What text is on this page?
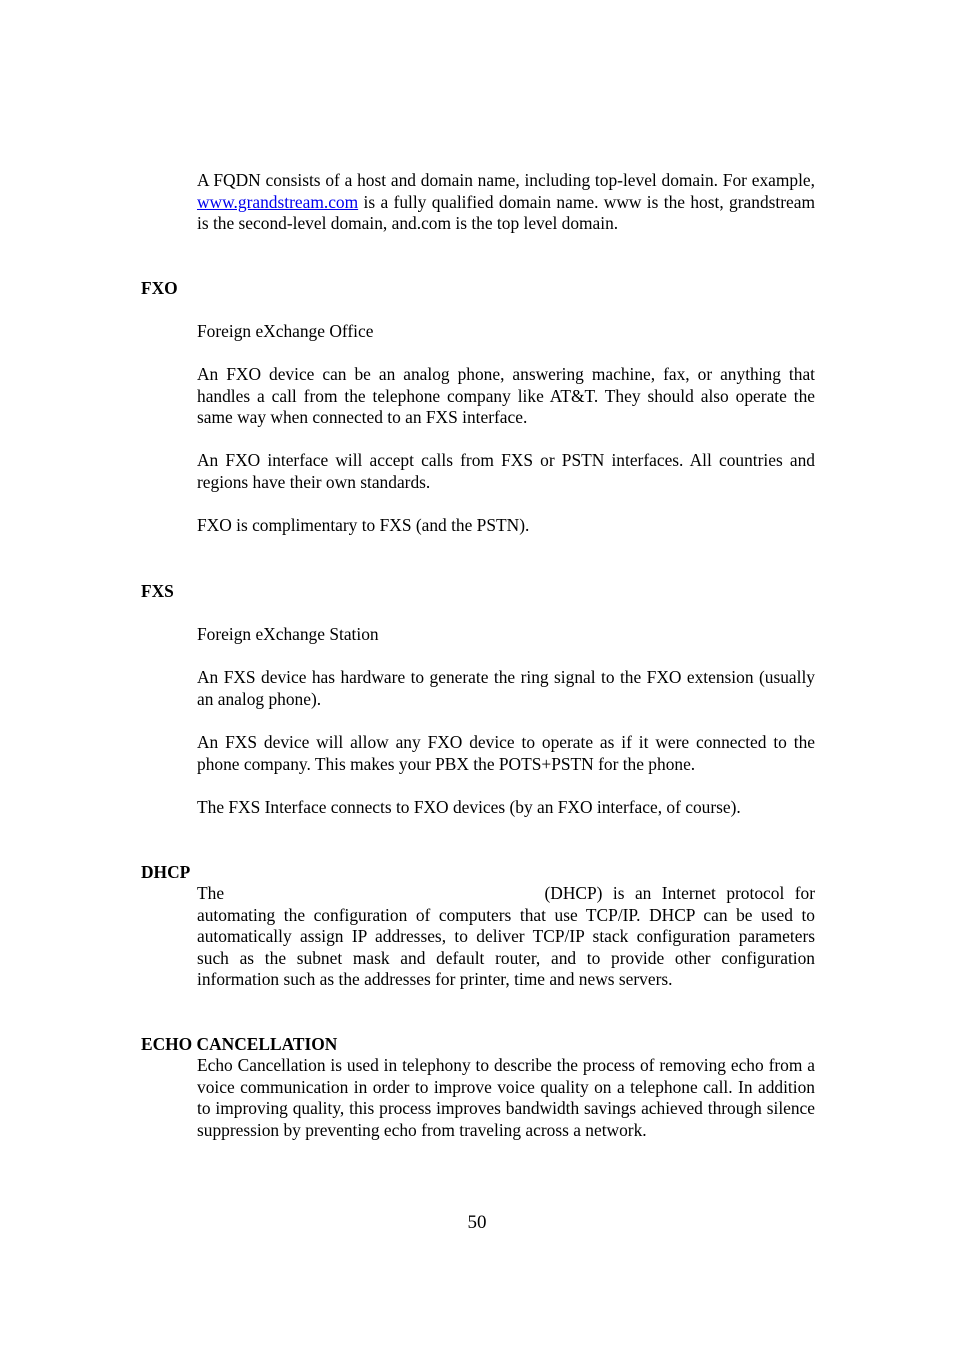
A FQDN consists of a host and domain name, including top-level domain. For example, www.grandstream.com is a fully qualified domain name. www is the host, grandstream is the second-level domain, and.com is the top level domain.

FXO

Foreign eXchange Office

An FXO device can be an analog phone, answering machine, fax, or anything that handles a call from the telephone company like AT&T. They should also operate the same way when connected to an FXS interface.

An FXO interface will accept calls from FXS or PSTN interfaces. All countries and regions have their own standards.

FXO is complimentary to FXS (and the PSTN).

FXS

Foreign eXchange Station

An FXS device has hardware to generate the ring signal to the FXO extension (usually an analog phone).

An FXS device will allow any FXO device to operate as if it were connected to the phone company. This makes your PBX the POTS+PSTN for the phone.

The FXS Interface connects to FXO devices (by an FXO interface, of course).

DHCP

The	(DHCP) is an Internet protocol for automating the configuration of computers that use TCP/IP. DHCP can be used to automatically assign IP addresses, to deliver TCP/IP stack configuration parameters such as the subnet mask and default router, and to provide other configuration information such as the addresses for printer, time and news servers.

ECHO CANCELLATION

Echo Cancellation is used in telephony to describe the process of removing echo from a voice communication in order to improve voice quality on a telephone call. In addition to improving quality, this process improves bandwidth savings achieved through silence suppression by preventing echo from traveling across a network.

50
